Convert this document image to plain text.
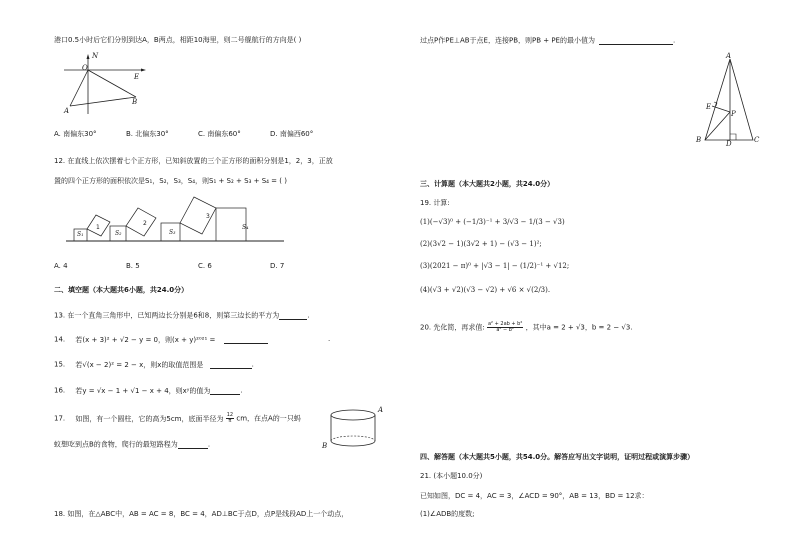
港口0.5小时后它们分别到达A，B两点，相距10海里，则二号舰航行的方向是( )
N
O
E
A
B
A. 南偏东30°	B. 北偏东30°	C. 南偏东60°	D. 南偏西60°
12. 在直线上依次摆着七个正方形，已知斜放置的三个正方形的面积分别是1，2，3，正放
置的四个正方形的面积依次是S₁，S₂，S₃，S₄，则S₁ + S₂ + S₃ + S₄ = ( )
S₁
1
S₂
2
S₃
3
S₄
A. 4	B. 5	C. 6	D. 7
二、填空题（本大题共6小题，共24.0分）
13. 在一个直角三角形中，已知两边长分别是6和8，则第三边长的平方为	.
14. 若(x + 3)² + √2 − y = 0，则(x + y)²⁰²¹ =	.
15. 若√(x − 2)² = 2 − x，则x的取值范围是	.
16. 若y = √x − 1 + √1 − x + 4，则xʸ的值为	.
17. 如图，有一个圆柱，它的高为5cm，底面半径为 $\frac{12}{\pi}$ cm，在点A的一只蚂
蚁想吃到点B的食物，爬行的最短路程为	.
A
B
18. 如图，在△ABC中，AB = AC = 8，BC = 4，AD⊥BC于点D，点P是线段AD上一个动点，
过点P作PE⊥AB于点E，连接PB，则PB + PE的最小值为	.
A
E
P
B	D	C
三、计算题（本大题共2小题，共24.0分）
19. 计算:
(1)(−√3)⁰ + (−1/3)⁻¹ + 3/√3 − 1/(3 − √3)
(2)(3√2 − 1)(3√2 + 1) − (√3 − 1)²;
(3)(2021 − π)⁰ + |√3 − 1| − (1/2)⁻¹ + √12;
(4)(√3 + √2)(√3 − √2) + √6 × √(2/3).
20. 先化简，再求值: $\frac{\text{a² + 2ab + b²}}{\text{a² − b²}}$ ，其中a = 2 + √3，b = 2 − √3.
四、解答题（本大题共5小题，共54.0分。解答应写出文字说明，证明过程或演算步骤）
21. (本小题10.0分)
已知如图，DC = 4，AC = 3，∠ACD = 90°，AB = 13，BD = 12求：
(1)∠ADB的度数;
